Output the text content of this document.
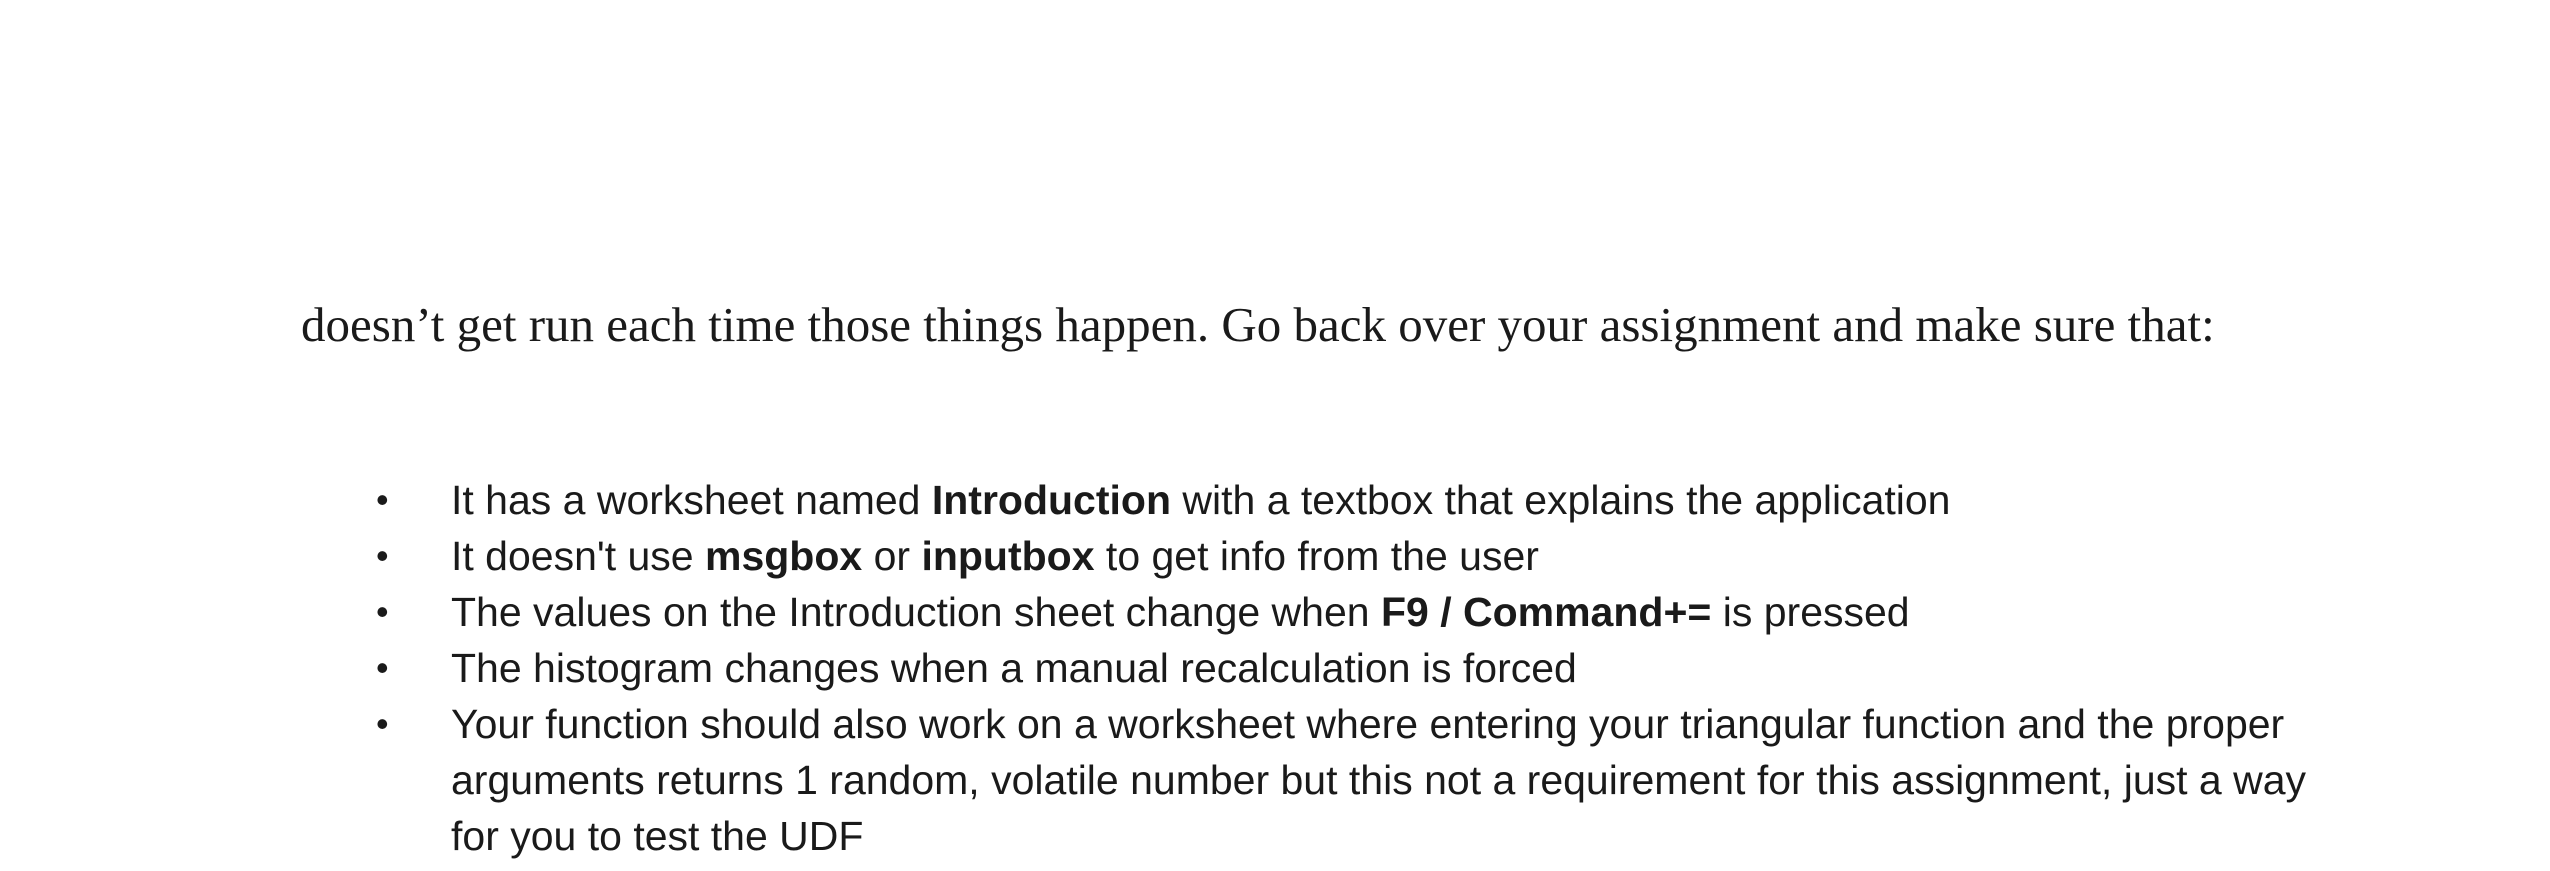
doesn’t get run each time those things happen. Go back over your assignment and make sure that:

• It has a worksheet named Introduction with a textbox that explains the application
• It doesn't use msgbox or inputbox to get info from the user
• The values on the Introduction sheet change when F9 / Command+= is pressed
• The histogram changes when a manual recalculation is forced
• Your function should also work on a worksheet where entering your triangular function and the proper arguments returns 1 random, volatile number but this not a requirement for this assignment, just a way for you to test the UDF
